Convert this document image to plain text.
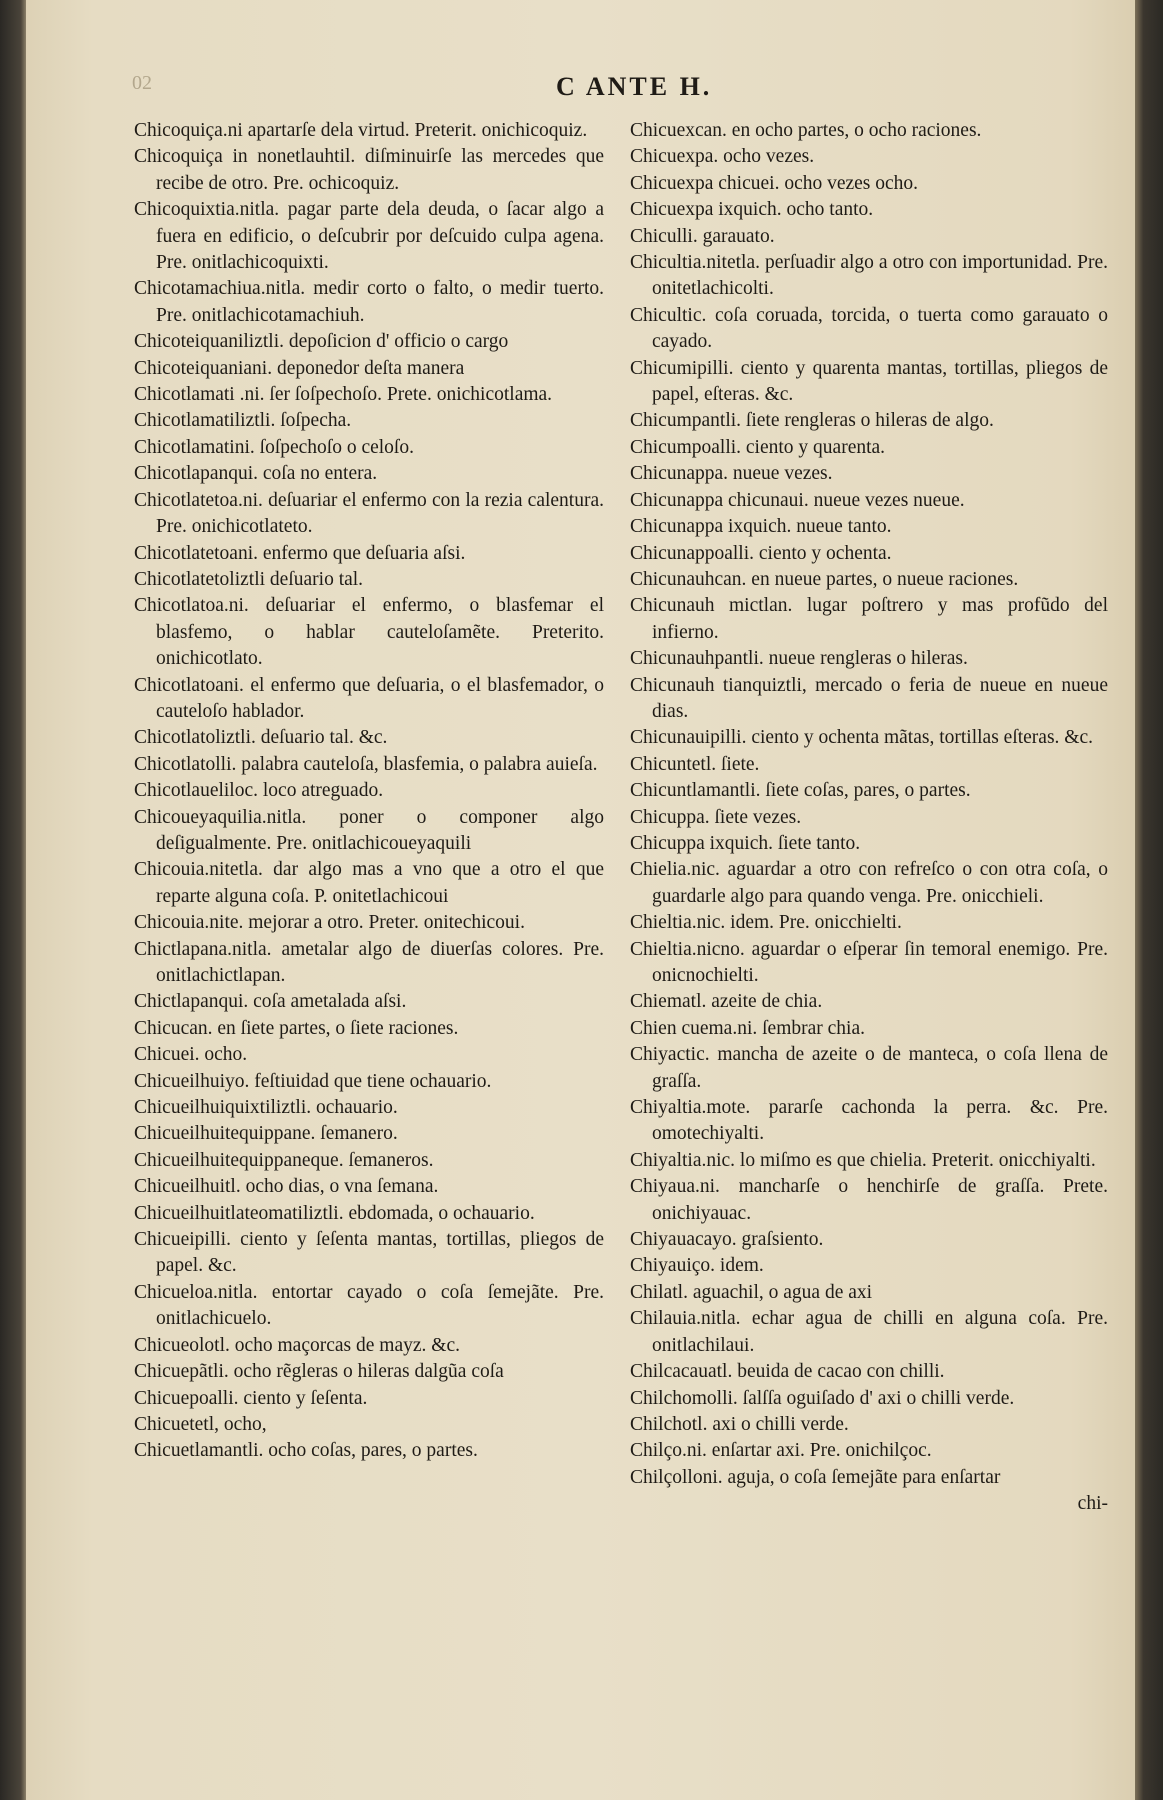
02	C ANTE H.

Chicoquiça.ni apartarſe dela virtud. Preterit. onichicoquiz.

Chicoquiça in nonetlauhtil. diſminuirſe las mercedes que recibe de otro. Pre. ochicoquiz.

Chicoquixtia.nitla. pagar parte dela deuda, o ſacar algo a fuera en edificio, o deſcubrir por deſcuido culpa agena. Pre. onitlachicoquixti.

Chicotamachiua.nitla. medir corto o falto, o medir tuerto. Pre. onitlachicotamachiuh.

Chicoteiquaniliztli. depoſicion d' officio o cargo

Chicoteiquaniani. deponedor deſta manera

Chicotlamati .ni. ſer ſoſpechoſo. Prete. onichicotlama.

Chicotlamatiliztli. ſoſpecha.

Chicotlamatini. ſoſpechoſo o celoſo.

Chicotlapanqui. coſa no entera.

Chicotlatetoa.ni. deſuariar el enfermo con la rezia calentura. Pre. onichicotlateto.

Chicotlatetoani. enfermo que deſuaria aſsi.

Chicotlatetoliztli deſuario tal.

Chicotlatoa.ni. deſuariar el enfermo, o blasfemar el blasfemo, o hablar cauteloſamẽte. Preterito. onichicotlato.

Chicotlatoani. el enfermo que deſuaria, o el blasfemador, o cauteloſo hablador.

Chicotlatoliztli. deſuario tal. &c.

Chicotlatolli. palabra cauteloſa, blasfemia, o palabra auieſa.

Chicotlaueliloc. loco atreguado.

Chicoueyaquilia.nitla. poner o componer algo deſigualmente. Pre. onitlachicoueyaquili

Chicouia.nitetla. dar algo mas a vno que a otro el que reparte alguna coſa. P. onitetlachicoui

Chicouia.nite. mejorar a otro. Preter. onitechicoui.

Chictlapana.nitla. ametalar algo de diuerſas colores. Pre. onitlachictlapan.

Chictlapanqui. coſa ametalada aſsi.

Chicucan. en ſiete partes, o ſiete raciones.

Chicuei. ocho.

Chicueilhuiyo. feſtiuidad que tiene ochauario.

Chicueilhuiquixtiliztli. ochauario.

Chicueilhuitequippane. ſemanero.

Chicueilhuitequippaneque. ſemaneros.

Chicueilhuitl. ocho dias, o vna ſemana.

Chicueilhuitlateomatiliztli. ebdomada, o ochauario.

Chicueipilli. ciento y ſeſenta mantas, tortillas, pliegos de papel. &c.

Chicueloa.nitla. entortar cayado o coſa ſemejãte. Pre. onitlachicuelo.

Chicueolotl. ocho maçorcas de mayz. &c.

Chicuepãtli. ocho rẽgleras o hileras dalgũa coſa

Chicuepoalli. ciento y ſeſenta.

Chicuetetl, ocho,

Chicuetlamantli. ocho coſas, pares, o partes.

Chicuexcan. en ocho partes, o ocho raciones.

Chicuexpa. ocho vezes.

Chicuexpa chicuei. ocho vezes ocho.

Chicuexpa ixquich. ocho tanto.

Chiculli. garauato.

Chicultia.nitetla. perſuadir algo a otro con importunidad. Pre. onitetlachicolti.

Chicultic. coſa coruada, torcida, o tuerta como garauato o cayado.

Chicumipilli. ciento y quarenta mantas, tortillas, pliegos de papel, eſteras. &c.

Chicumpantli. ſiete rengleras o hileras de algo.

Chicumpoalli. ciento y quarenta.

Chicunappa. nueue vezes.

Chicunappa chicunaui. nueue vezes nueue.

Chicunappa ixquich. nueue tanto.

Chicunappoalli. ciento y ochenta.

Chicunauhcan. en nueue partes, o nueue raciones.

Chicunauh mictlan. lugar poſtrero y mas profũdo del infierno.

Chicunauhpantli. nueue rengleras o hileras.

Chicunauh tianquiztli, mercado o feria de nueue en nueue dias.

Chicunauipilli. ciento y ochenta mãtas, tortillas eſteras. &c.

Chicuntetl. ſiete.

Chicuntlamantli. ſiete coſas, pares, o partes.

Chicuppa. ſiete vezes.

Chicuppa ixquich. ſiete tanto.

Chielia.nic. aguardar a otro con refreſco o con otra coſa, o guardarle algo para quando venga. Pre. onicchieli.

Chieltia.nic. idem. Pre. onicchielti.

Chieltia.nicno. aguardar o eſperar ſin temoral enemigo. Pre. onicnochielti.

Chiematl. azeite de chia.

Chien cuema.ni. ſembrar chia.

Chiyactic. mancha de azeite o de manteca, o coſa llena de graſſa.

Chiyaltia.mote. pararſe cachonda la perra. &c. Pre. omotechiyalti.

Chiyaltia.nic. lo miſmo es que chielia. Preterit. onicchiyalti.

Chiyaua.ni. mancharſe o henchirſe de graſſa. Prete. onichiyauac.

Chiyauacayo. graſsiento.

Chiyauiço. idem.

Chilatl. aguachil, o agua de axi

Chilauia.nitla. echar agua de chilli en alguna coſa. Pre. onitlachilaui.

Chilcacauatl. beuida de cacao con chilli.

Chilchomolli. ſalſſa oguiſado d' axi o chilli verde.

Chilchotl. axi o chilli verde.

Chilço.ni. enſartar axi. Pre. onichilçoc.

Chilçolloni. aguja, o coſa ſemejãte para enſartar

chi-
